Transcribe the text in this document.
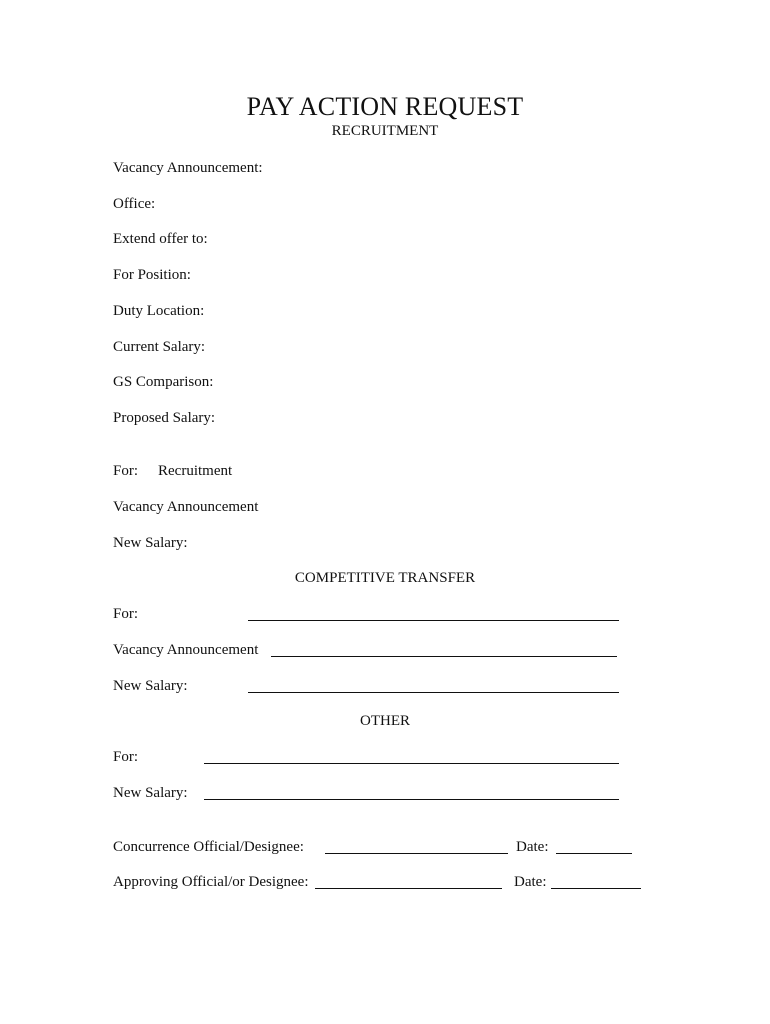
PAY ACTION REQUEST
RECRUITMENT
Vacancy Announcement:
Office:
Extend offer to:
For Position:
Duty Location:
Current Salary:
GS Comparison:
Proposed Salary:
For: Recruitment
Vacancy Announcement
New Salary:
COMPETITIVE TRANSFER
For:
Vacancy Announcement
New Salary:
OTHER
For:
New Salary:
Concurrence Official/Designee:	Date:
Approving Official/or Designee:	Date:
